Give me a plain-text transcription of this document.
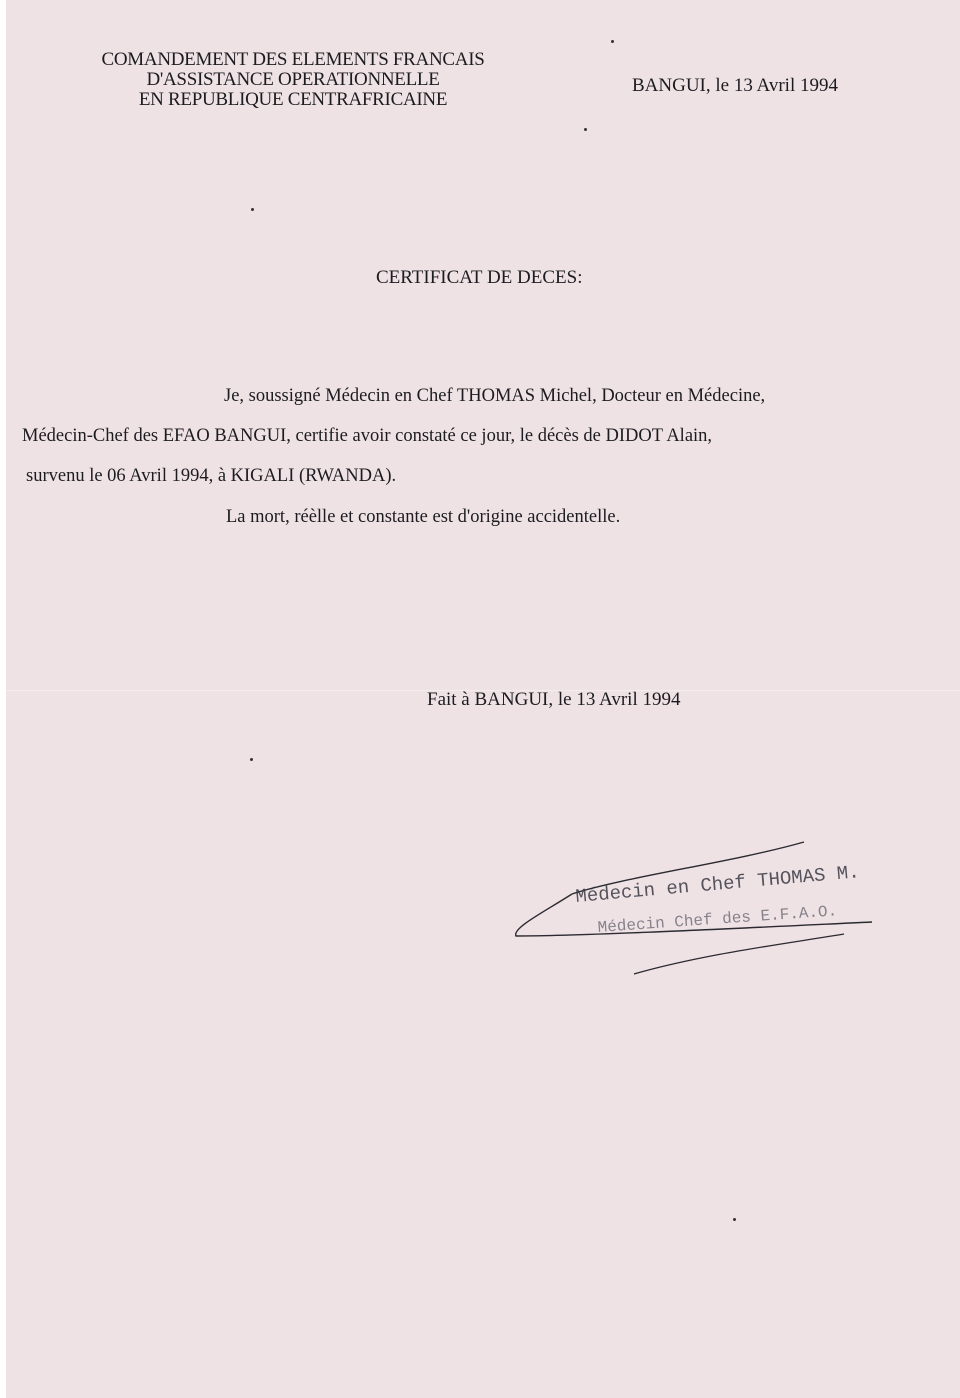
COMANDEMENT DES ELEMENTS FRANCAIS
D'ASSISTANCE OPERATIONNELLE
EN REPUBLIQUE CENTRAFRICAINE
BANGUI, le 13 Avril 1994
CERTIFICAT DE DECES:
Je, soussigné Médecin en Chef THOMAS Michel, Docteur en Médecine,
Médecin-Chef des EFAO BANGUI, certifie avoir constaté ce jour, le décès de DIDOT Alain,
survenu le 06 Avril 1994, à KIGALI (RWANDA).
La mort, réèlle et constante est d'origine accidentelle.
Fait à BANGUI, le 13 Avril 1994
Médecin en Chef THOMAS M.
Médecin Chef des E.F.A.O.
